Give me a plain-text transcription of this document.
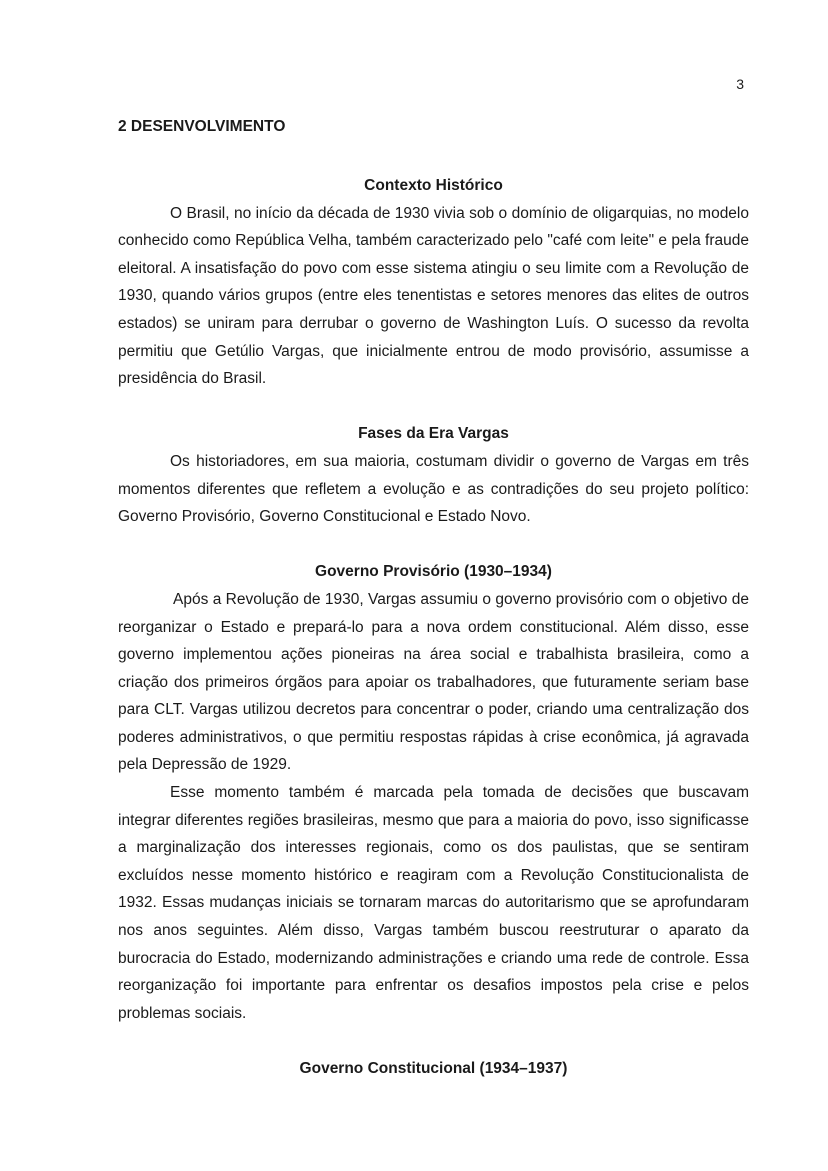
3
2 DESENVOLVIMENTO
Contexto Histórico

O Brasil, no início da década de 1930 vivia sob o domínio de oligarquias, no modelo conhecido como República Velha, também caracterizado pelo "café com leite" e pela fraude eleitoral. A insatisfação do povo com esse sistema atingiu o seu limite com a Revolução de 1930, quando vários grupos (entre eles tenentistas e setores menores das elites de outros estados) se uniram para derrubar o governo de Washington Luís. O sucesso da revolta permitiu que Getúlio Vargas, que inicialmente entrou de modo provisório, assumisse a presidência do Brasil.

Fases da Era Vargas

Os historiadores, em sua maioria, costumam dividir o governo de Vargas em três momentos diferentes que refletem a evolução e as contradições do seu projeto político: Governo Provisório, Governo Constitucional e Estado Novo.

Governo Provisório (1930–1934)

Após a Revolução de 1930, Vargas assumiu o governo provisório com o objetivo de reorganizar o Estado e prepará-lo para a nova ordem constitucional. Além disso, esse governo implementou ações pioneiras na área social e trabalhista brasileira, como a criação dos primeiros órgãos para apoiar os trabalhadores, que futuramente seriam base para CLT. Vargas utilizou decretos para concentrar o poder, criando uma centralização dos poderes administrativos, o que permitiu respostas rápidas à crise econômica, já agravada pela Depressão de 1929.

Esse momento também é marcada pela tomada de decisões que buscavam integrar diferentes regiões brasileiras, mesmo que para a maioria do povo, isso significasse a marginalização dos interesses regionais, como os dos paulistas, que se sentiram excluídos nesse momento histórico e reagiram com a Revolução Constitucionalista de 1932. Essas mudanças iniciais se tornaram marcas do autoritarismo que se aprofundaram nos anos seguintes. Além disso, Vargas também buscou reestruturar o aparato da burocracia do Estado, modernizando administrações e criando uma rede de controle. Essa reorganização foi importante para enfrentar os desafios impostos pela crise e pelos problemas sociais.

Governo Constitucional (1934–1937)
